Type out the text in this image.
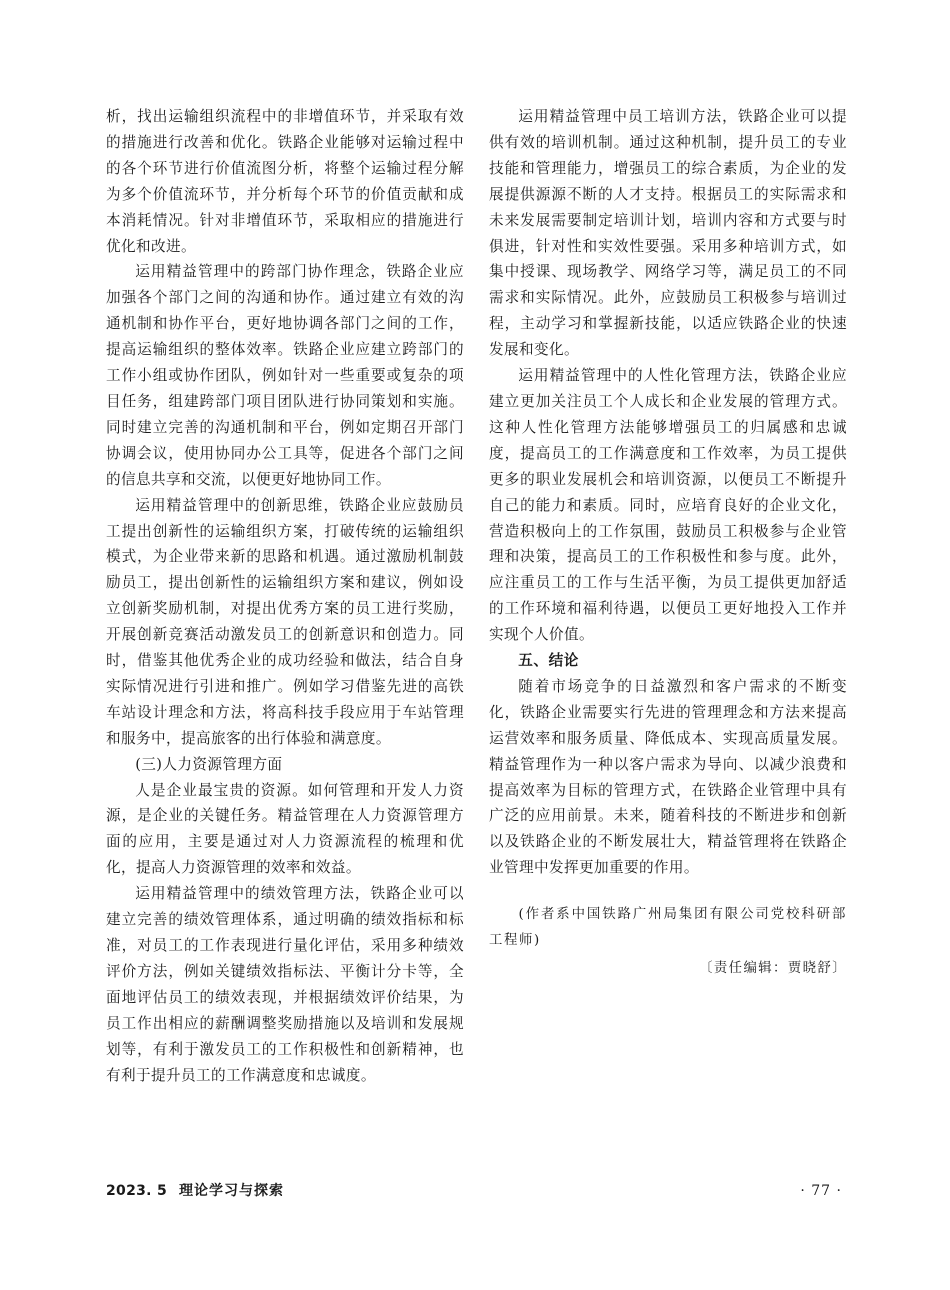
析，找出运输组织流程中的非增值环节，并采取有效的措施进行改善和优化。铁路企业能够对运输过程中的各个环节进行价值流图分析，将整个运输过程分解为多个价值流环节，并分析每个环节的价值贡献和成本消耗情况。针对非增值环节，采取相应的措施进行优化和改进。

运用精益管理中的跨部门协作理念，铁路企业应加强各个部门之间的沟通和协作。通过建立有效的沟通机制和协作平台，更好地协调各部门之间的工作，提高运输组织的整体效率。铁路企业应建立跨部门的工作小组或协作团队，例如针对一些重要或复杂的项目任务，组建跨部门项目团队进行协同策划和实施。同时建立完善的沟通机制和平台，例如定期召开部门协调会议，使用协同办公工具等，促进各个部门之间的信息共享和交流，以便更好地协同工作。

运用精益管理中的创新思维，铁路企业应鼓励员工提出创新性的运输组织方案，打破传统的运输组织模式，为企业带来新的思路和机遇。通过激励机制鼓励员工，提出创新性的运输组织方案和建议，例如设立创新奖励机制，对提出优秀方案的员工进行奖励，开展创新竞赛活动激发员工的创新意识和创造力。同时，借鉴其他优秀企业的成功经验和做法，结合自身实际情况进行引进和推广。例如学习借鉴先进的高铁车站设计理念和方法，将高科技手段应用于车站管理和服务中，提高旅客的出行体验和满意度。

(三)人力资源管理方面

人是企业最宝贵的资源。如何管理和开发人力资源，是企业的关键任务。精益管理在人力资源管理方面的应用，主要是通过对人力资源流程的梳理和优化，提高人力资源管理的效率和效益。

运用精益管理中的绩效管理方法，铁路企业可以建立完善的绩效管理体系，通过明确的绩效指标和标准，对员工的工作表现进行量化评估，采用多种绩效评价方法，例如关键绩效指标法、平衡计分卡等，全面地评估员工的绩效表现，并根据绩效评价结果，为员工作出相应的薪酬调整奖励措施以及培训和发展规划等，有利于激发员工的工作积极性和创新精神，也有利于提升员工的工作满意度和忠诚度。

运用精益管理中员工培训方法，铁路企业可以提供有效的培训机制。通过这种机制，提升员工的专业技能和管理能力，增强员工的综合素质，为企业的发展提供源源不断的人才支持。根据员工的实际需求和未来发展需要制定培训计划，培训内容和方式要与时俱进，针对性和实效性要强。采用多种培训方式，如集中授课、现场教学、网络学习等，满足员工的不同需求和实际情况。此外，应鼓励员工积极参与培训过程，主动学习和掌握新技能，以适应铁路企业的快速发展和变化。

运用精益管理中的人性化管理方法，铁路企业应建立更加关注员工个人成长和企业发展的管理方式。这种人性化管理方法能够增强员工的归属感和忠诚度，提高员工的工作满意度和工作效率，为员工提供更多的职业发展机会和培训资源，以便员工不断提升自己的能力和素质。同时，应培育良好的企业文化，营造积极向上的工作氛围，鼓励员工积极参与企业管理和决策，提高员工的工作积极性和参与度。此外，应注重员工的工作与生活平衡，为员工提供更加舒适的工作环境和福利待遇，以便员工更好地投入工作并实现个人价值。

五、结论

随着市场竞争的日益激烈和客户需求的不断变化，铁路企业需要实行先进的管理理念和方法来提高运营效率和服务质量、降低成本、实现高质量发展。精益管理作为一种以客户需求为导向、以减少浪费和提高效率为目标的管理方式，在铁路企业管理中具有广泛的应用前景。未来，随着科技的不断进步和创新以及铁路企业的不断发展壮大，精益管理将在铁路企业管理中发挥更加重要的作用。

(作者系中国铁路广州局集团有限公司党校科研部工程师)

〔责任编辑：贾晓舒〕

2023. 5 理论学习与探索	· 77 ·
